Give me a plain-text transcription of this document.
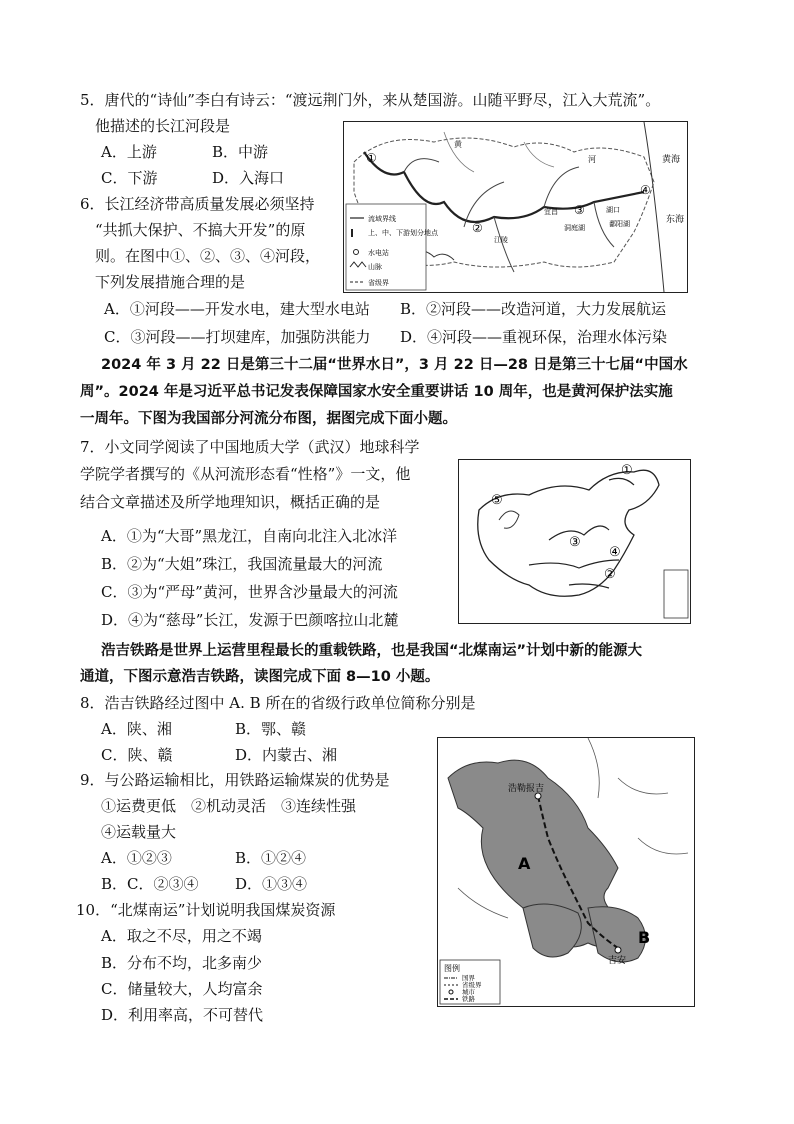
5．唐代的“诗仙”李白有诗云：“渡远荆门外，来从楚国游。山随平野尽，江入大荒流”。
他描述的长江河段是
A．上游	B．中游
C．下游	D．入海口
6．长江经济带高质量发展必须坚持
“共抓大保护、不搞大开发”的原
则。在图中①、②、③、④河段，
下列发展措施合理的是
A．①河段——开发水电，建大型水电站 B．②河段——改造河道，大力发展航运
C．③河段——打坝建库，加强防洪能力 D．④河段——重视环保，治理水体污染
流域界线
上、中、下游划分地点
水电站
山脉
省级界
①
②
③
④
黄
河
宜昌	湖口
江陵
洞庭湖	鄱阳湖
黄海
东海
2024 年 3 月 22 日是第三十二届“世界水日”，3 月 22 日—28 日是第三十七届“中国水
周”。2024 年是习近平总书记发表保障国家水安全重要讲话 10 周年，也是黄河保护法实施
一周年。下图为我国部分河流分布图，据图完成下面小题。
7．小文同学阅读了中国地质大学（武汉）地球科学
学院学者撰写的《从河流形态看“性格”》一文，他
结合文章描述及所学地理知识，概括正确的是
A．①为“大哥”黑龙江，自南向北注入北冰洋
B．②为“大姐”珠江，我国流量最大的河流
C．③为“严母”黄河，世界含沙量最大的河流
D．④为“慈母”长江，发源于巴颜喀拉山北麓
①
②
③
④
⑤
浩吉铁路是世界上运营里程最长的重载铁路，也是我国“北煤南运”计划中新的能源大
通道，下图示意浩吉铁路，读图完成下面 8—10 小题。
8．浩吉铁路经过图中 A. B 所在的省级行政单位简称分别是
A．陕、湘	B．鄂、赣
C．陕、赣	D．内蒙古、湘
9．与公路运输相比，用铁路运输煤炭的优势是
①运费更低　②机动灵活　③连续性强
④运载量大
A．①②③	B．①②④
B．C．②③④ D．①③④
10．“北煤南运”计划说明我国煤炭资源
A．取之不尽，用之不竭
B．分布不均，北多南少
C．储量较大，人均富余
D．利用率高，不可替代
浩勒报吉
吉安
A
B
图例
国界
省级界
城市
铁路
